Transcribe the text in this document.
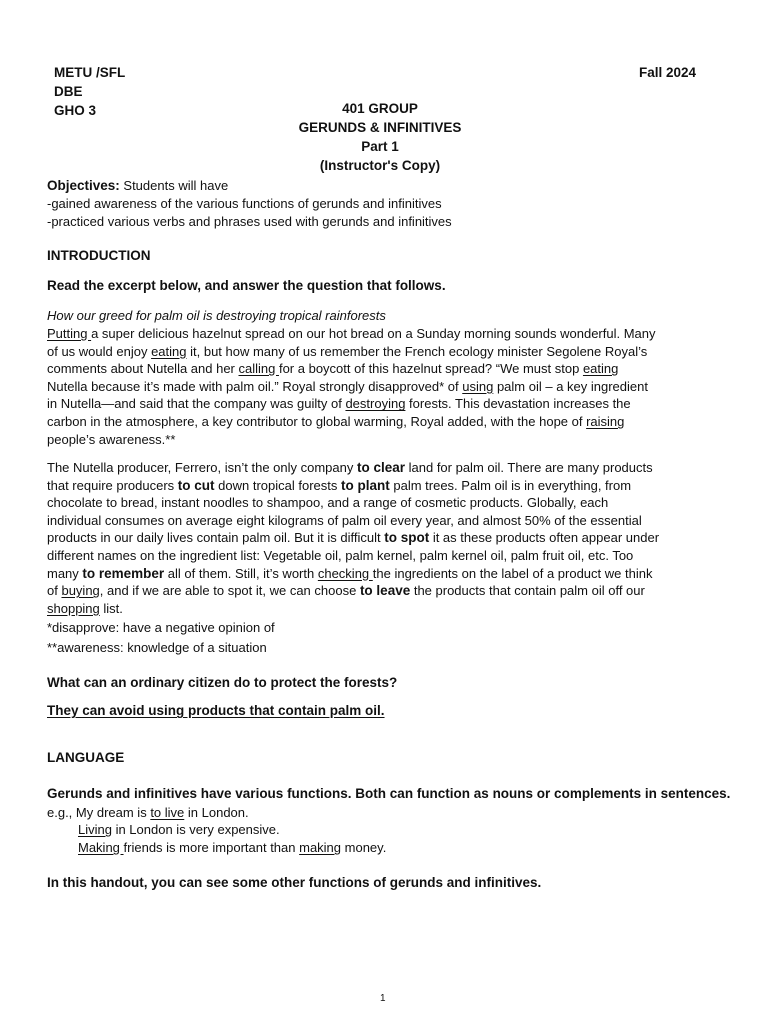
METU /SFL
DBE
GHO 3
Fall 2024
401 GROUP
GERUNDS & INFINITIVES
Part 1
(Instructor's Copy)
Objectives: Students will have
-gained awareness of the various functions of gerunds and infinitives
-practiced various verbs and phrases used with gerunds and infinitives
INTRODUCTION
Read the excerpt below, and answer the question that follows.
How our greed for palm oil is destroying tropical rainforests
Putting a super delicious hazelnut spread on our hot bread on a Sunday morning sounds wonderful. Many
of us would enjoy eating it, but how many of us remember the French ecology minister Segolene Royal’s
comments about Nutella and her calling for a boycott of this hazelnut spread? “We must stop eating
Nutella because it’s made with palm oil.” Royal strongly disapproved* of using palm oil – a key ingredient
in Nutella—and said that the company was guilty of destroying forests. This devastation increases the
carbon in the atmosphere, a key contributor to global warming, Royal added, with the hope of raising
people’s awareness.**
The Nutella producer, Ferrero, isn’t the only company to clear land for palm oil. There are many products
that require producers to cut down tropical forests to plant palm trees. Palm oil is in everything, from
chocolate to bread, instant noodles to shampoo, and a range of cosmetic products. Globally, each
individual consumes on average eight kilograms of palm oil every year, and almost 50% of the essential
products in our daily lives contain palm oil. But it is difficult to spot it as these products often appear under
different names on the ingredient list: Vegetable oil, palm kernel, palm kernel oil, palm fruit oil, etc. Too
many to remember all of them. Still, it’s worth checking the ingredients on the label of a product we think
of buying, and if we are able to spot it, we can choose to leave the products that contain palm oil off our
shopping list.
*disapprove: have a negative opinion of
**awareness: knowledge of a situation
What can an ordinary citizen do to protect the forests?
They can avoid using products that contain palm oil.
LANGUAGE
Gerunds and infinitives have various functions. Both can function as nouns or complements in sentences.
e.g., My dream is to live in London.
Living in London is very expensive.
Making friends is more important than making money.
In this handout, you can see some other functions of gerunds and infinitives.
1
